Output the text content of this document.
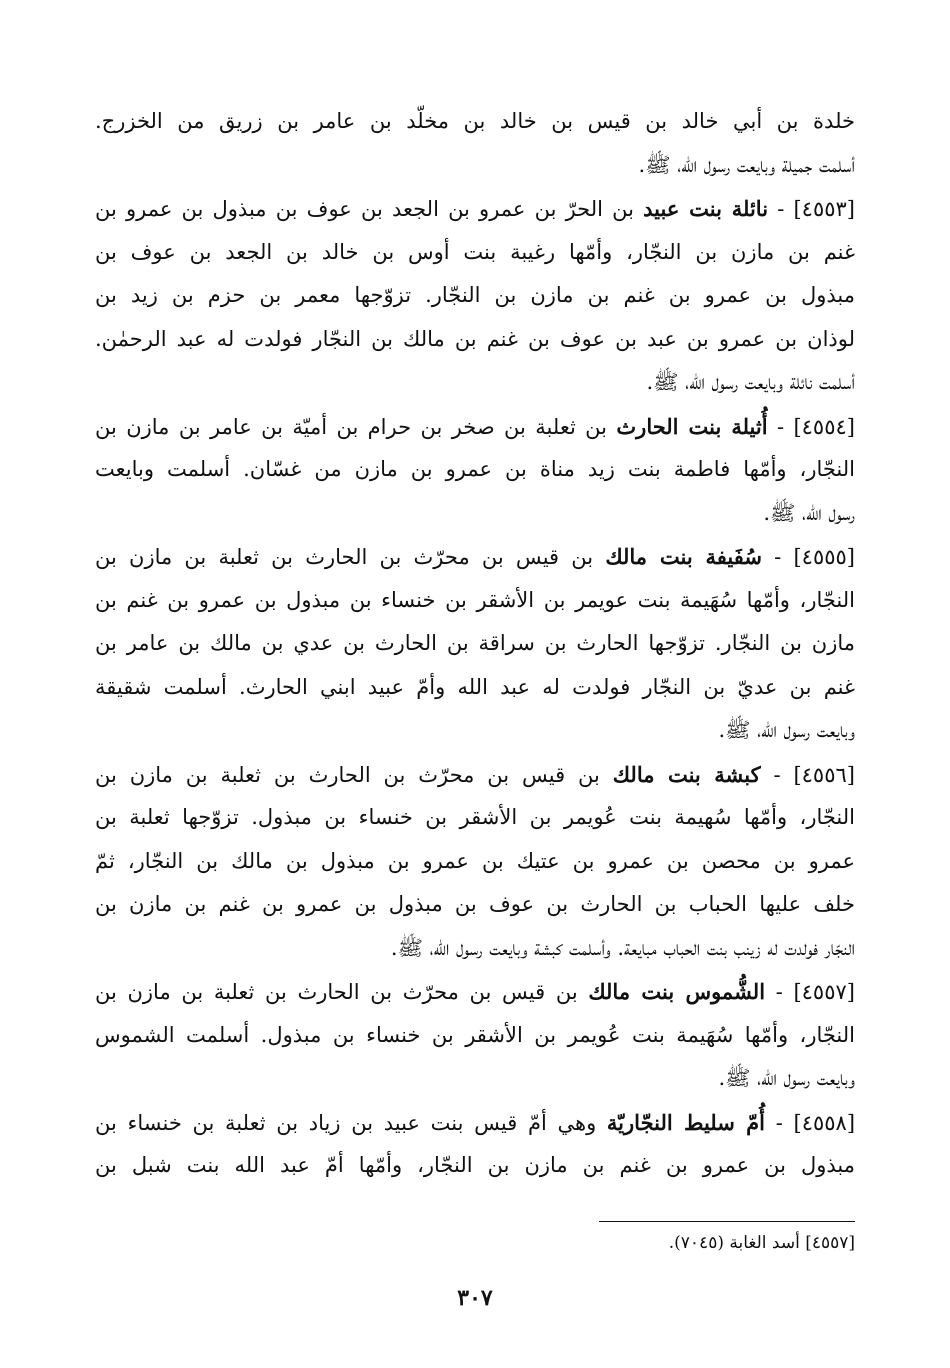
خلدة بن أبي خالد بن قيس بن خالد بن مخلّد بن عامر بن زريق من الخزرج.
أسلمت جميلة وبايعت رسول الله، ﷺ.
[٤٥٥٣] - نائلة بنت عبيد بن الحرّ بن عمرو بن الجعد بن عوف بن مبذول بن عمرو بن
غنم بن مازن بن النجّار، وأمّها رغيبة بنت أوس بن خالد بن الجعد بن عوف بن
مبذول بن عمرو بن غنم بن مازن بن النجّار. تزوّجها معمر بن حزم بن زيد بن
لوذان بن عمرو بن عبد بن عوف بن غنم بن مالك بن النجّار فولدت له عبد الرحمٰن.
أسلمت نائلة وبايعت رسول الله، ﷺ.
[٤٥٥٤] - أُثيلة بنت الحارث بن ثعلبة بن صخر بن حرام بن أميّة بن عامر بن مازن بن
النجّار، وأمّها فاطمة بنت زيد مناة بن عمرو بن مازن من غسّان. أسلمت وبايعت
رسول الله، ﷺ.
[٤٥٥٥] - سُفَيفة بنت مالك بن قيس بن محرّث بن الحارث بن ثعلبة بن مازن بن
النجّار، وأمّها سُهَيمة بنت عويمر بن الأشقر بن خنساء بن مبذول بن عمرو بن غنم بن
مازن بن النجّار. تزوّجها الحارث بن سراقة بن الحارث بن عدي بن مالك بن عامر بن
غنم بن عديّ بن النجّار فولدت له عبد الله وأمّ عبيد ابني الحارث. أسلمت شقيقة
وبايعت رسول الله، ﷺ.
[٤٥٥٦] - كبشة بنت مالك بن قيس بن محرّث بن الحارث بن ثعلبة بن مازن بن
النجّار، وأمّها سُهيمة بنت عُويمر بن الأشقر بن خنساء بن مبذول. تزوّجها ثعلبة بن
عمرو بن محصن بن عمرو بن عتيك بن عمرو بن مبذول بن مالك بن النجّار، ثمّ
خلف عليها الحباب بن الحارث بن عوف بن مبذول بن عمرو بن غنم بن مازن بن
النجّار فولدت له زينب بنت الحباب مبايعة. وأسلمت كبشة وبايعت رسول الله، ﷺ.
[٤٥٥٧] - الشُّموس بنت مالك بن قيس بن محرّث بن الحارث بن ثعلبة بن مازن بن
النجّار، وأمّها سُهَيمة بنت عُويمر بن الأشقر بن خنساء بن مبذول. أسلمت الشموس
وبايعت رسول الله، ﷺ.
[٤٥٥٨] - أُمّ سليط النجّاريّة وهي أمّ قيس بنت عبيد بن زياد بن ثعلبة بن خنساء بن
مبذول بن عمرو بن غنم بن مازن بن النجّار، وأمّها أمّ عبد الله بنت شبل بن
[٤٥٥٧] أسد الغابة (٧٠٤٥).
٣٠٧
